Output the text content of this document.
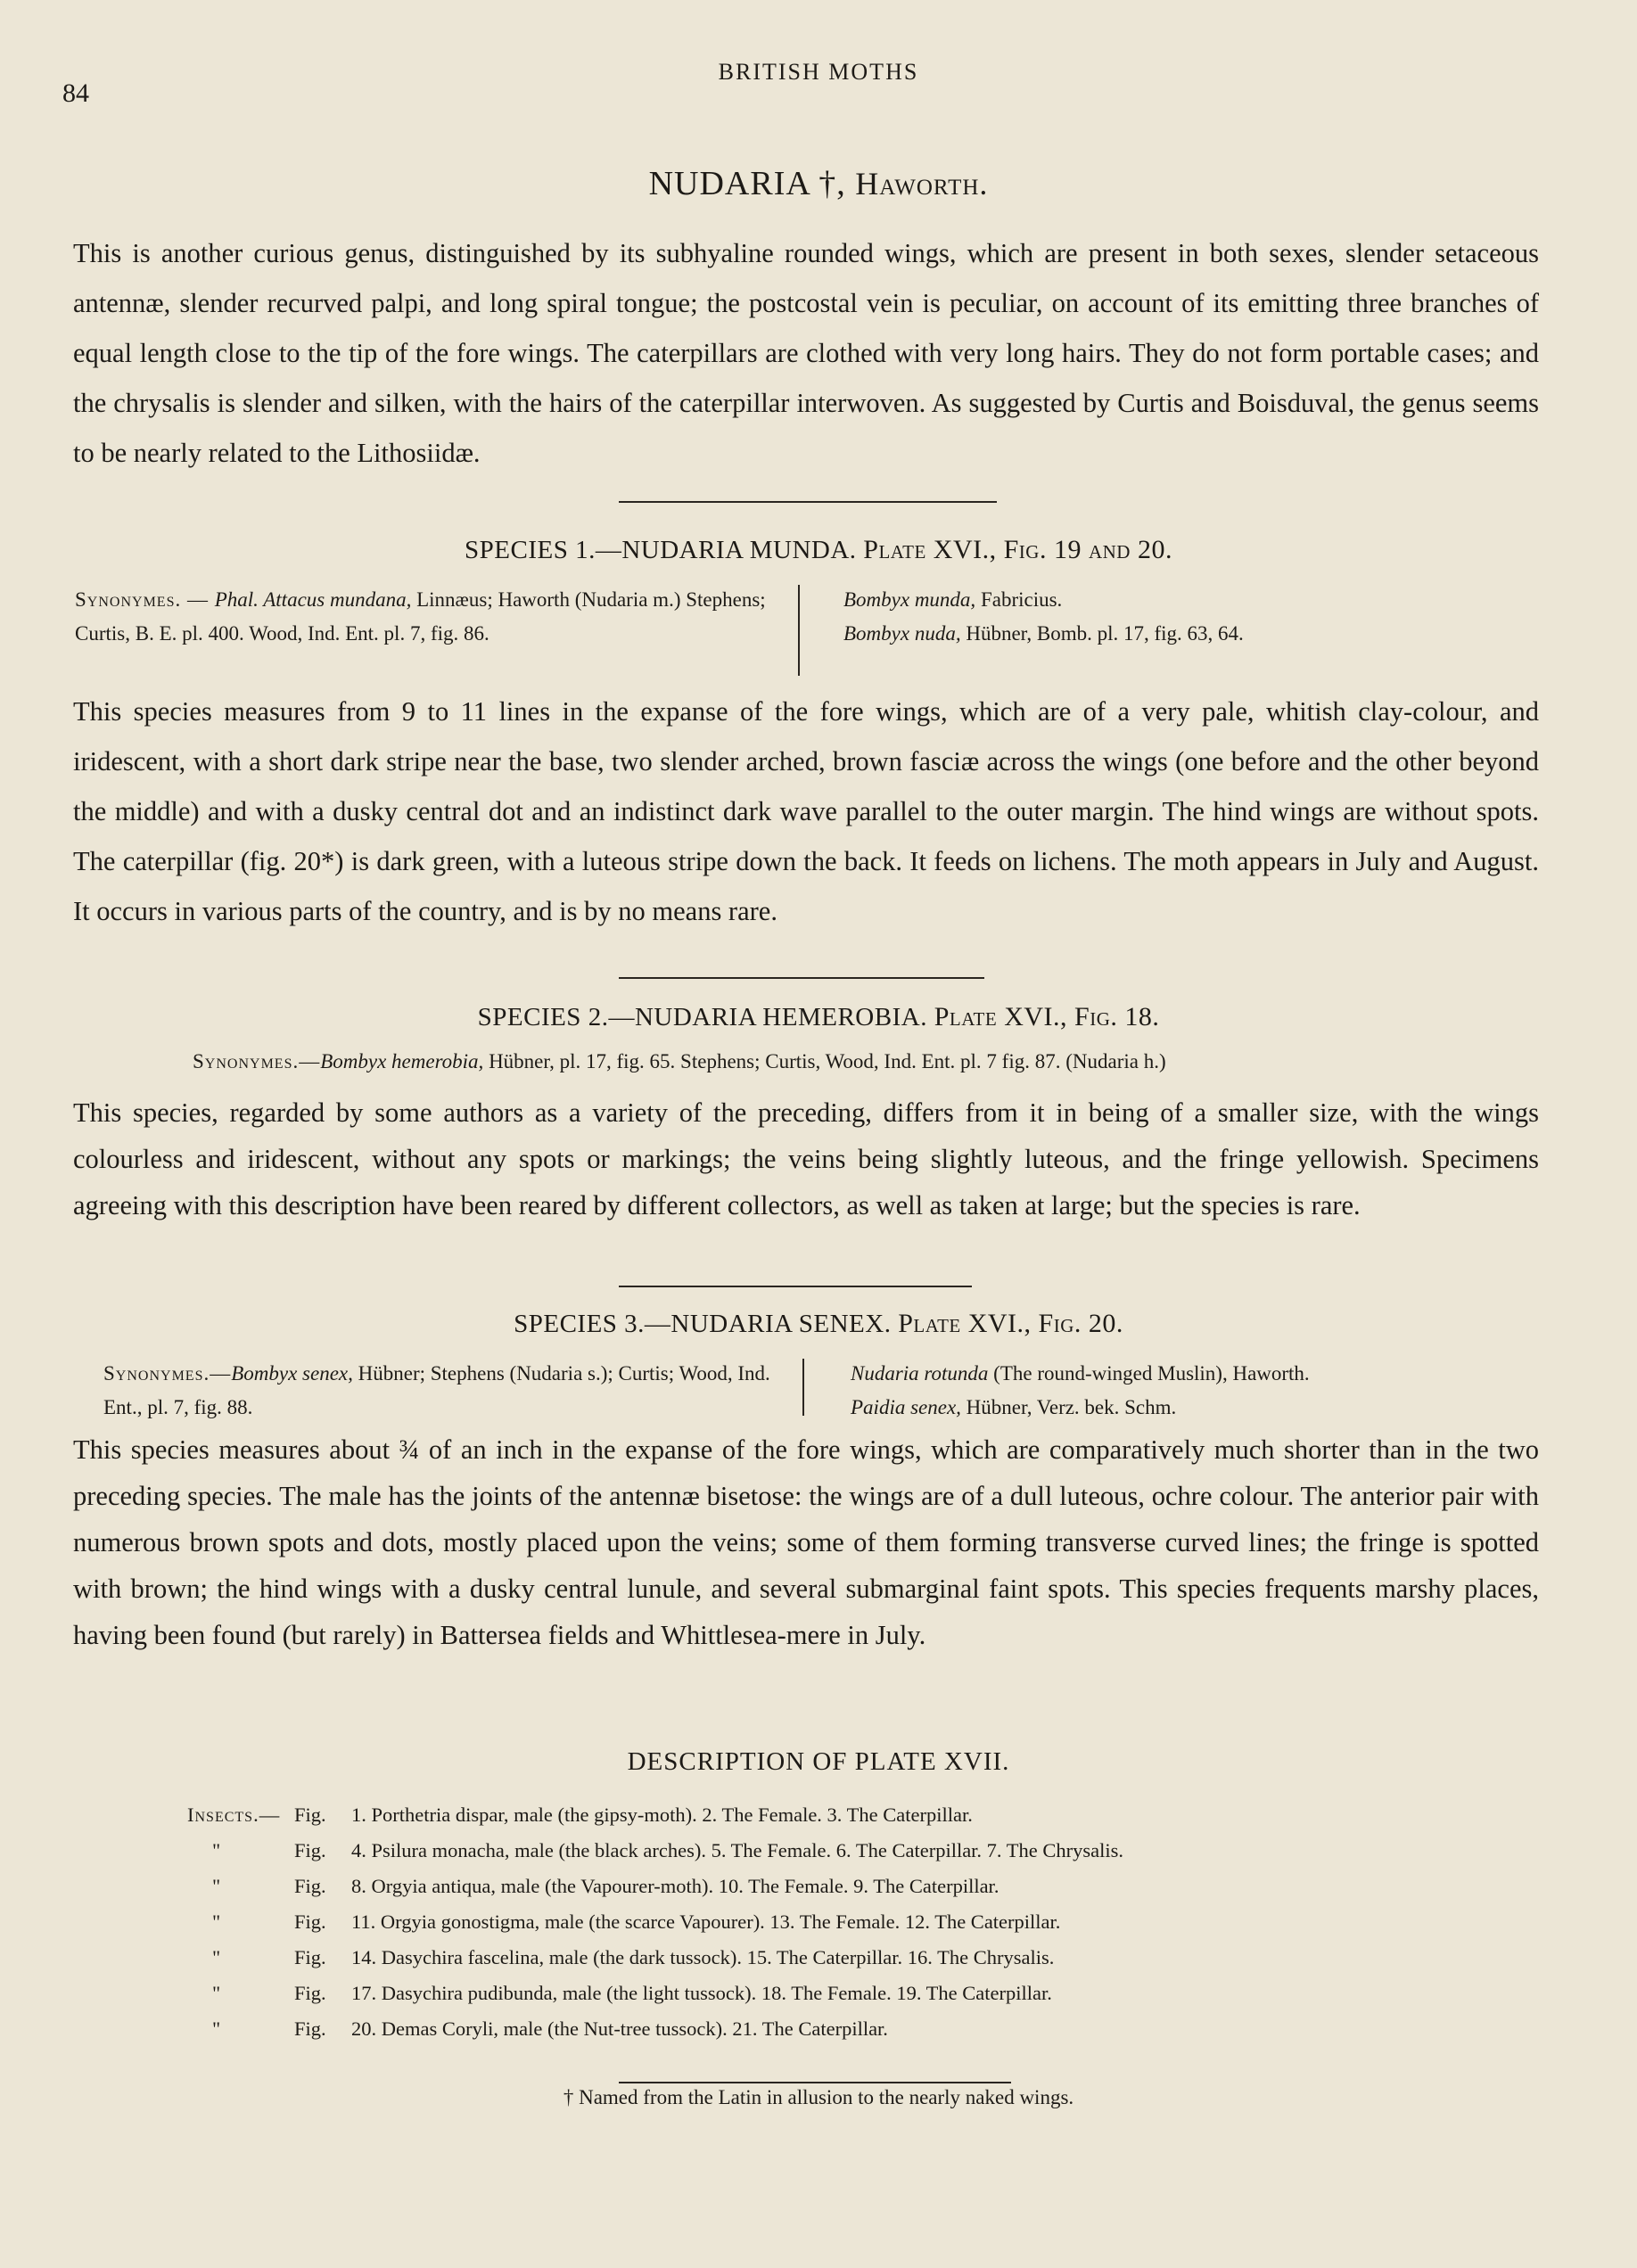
84
BRITISH MOTHS
NUDARIA †, Haworth.

This is another curious genus, distinguished by its subhyaline rounded wings, which are present in both sexes, slender setaceous antennæ, slender recurved palpi, and long spiral tongue; the postcostal vein is peculiar, on account of its emitting three branches of equal length close to the tip of the fore wings. The caterpillars are clothed with very long hairs. They do not form portable cases; and the chrysalis is slender and silken, with the hairs of the caterpillar interwoven. As suggested by Curtis and Boisduval, the genus seems to be nearly related to the Lithosiidæ.

SPECIES 1.—NUDARIA MUNDA. Plate XVI., Fig. 19 and 20.
Synonymes. — Phal. Attacus mundana, Linnæus; Haworth (Nudaria m.) Stephens; Curtis, B. E. pl. 400. Wood, Ind. Ent. pl. 7, fig. 86.
Bombyx munda, Fabricius.
Bombyx nuda, Hübner, Bomb. pl. 17, fig. 63, 64.

This species measures from 9 to 11 lines in the expanse of the fore wings, which are of a very pale, whitish clay-colour, and iridescent, with a short dark stripe near the base, two slender arched, brown fasciæ across the wings (one before and the other beyond the middle) and with a dusky central dot and an indistinct dark wave parallel to the outer margin. The hind wings are without spots. The caterpillar (fig. 20*) is dark green, with a luteous stripe down the back. It feeds on lichens. The moth appears in July and August. It occurs in various parts of the country, and is by no means rare.

SPECIES 2.—NUDARIA HEMEROBIA. Plate XVI., Fig. 18.
Synonymes.—Bombyx hemerobia, Hübner, pl. 17, fig. 65. Stephens; Curtis, Wood, Ind. Ent. pl. 7 fig. 87. (Nudaria h.)

This species, regarded by some authors as a variety of the preceding, differs from it in being of a smaller size, with the wings colourless and iridescent, without any spots or markings; the veins being slightly luteous, and the fringe yellowish. Specimens agreeing with this description have been reared by different collectors, as well as taken at large; but the species is rare.

SPECIES 3.—NUDARIA SENEX. Plate XVI., Fig. 20.
Synonymes.—Bombyx senex, Hübner; Stephens (Nudaria s.); Curtis; Wood, Ind. Ent., pl. 7, fig. 88.
Nudaria rotunda (The round-winged Muslin), Haworth.
Paidia senex, Hübner, Verz. bek. Schm.

This species measures about ¾ of an inch in the expanse of the fore wings, which are comparatively much shorter than in the two preceding species. The male has the joints of the antennæ bisetose: the wings are of a dull luteous, ochre colour. The anterior pair with numerous brown spots and dots, mostly placed upon the veins; some of them forming transverse curved lines; the fringe is spotted with brown; the hind wings with a dusky central lunule, and several submarginal faint spots. This species frequents marshy places, having been found (but rarely) in Battersea fields and Whittlesea-mere in July.

DESCRIPTION OF PLATE XVII.
Insects.— Fig. 1. Porthetria dispar, male (the gipsy-moth). 2. The Female. 3. The Caterpillar.
"	Fig. 4. Psilura monacha, male (the black arches). 5. The Female. 6. The Caterpillar. 7. The Chrysalis.
"	Fig. 8. Orgyia antiqua, male (the Vapourer-moth). 10. The Female. 9. The Caterpillar.
"	Fig. 11. Orgyia gonostigma, male (the scarce Vapourer). 13. The Female. 12. The Caterpillar.
"	Fig. 14. Dasychira fascelina, male (the dark tussock). 15. The Caterpillar. 16. The Chrysalis.
"	Fig. 17. Dasychira pudibunda, male (the light tussock). 18. The Female. 19. The Caterpillar.
"	Fig. 20. Demas Coryli, male (the Nut-tree tussock). 21. The Caterpillar.
† Named from the Latin in allusion to the nearly naked wings.
